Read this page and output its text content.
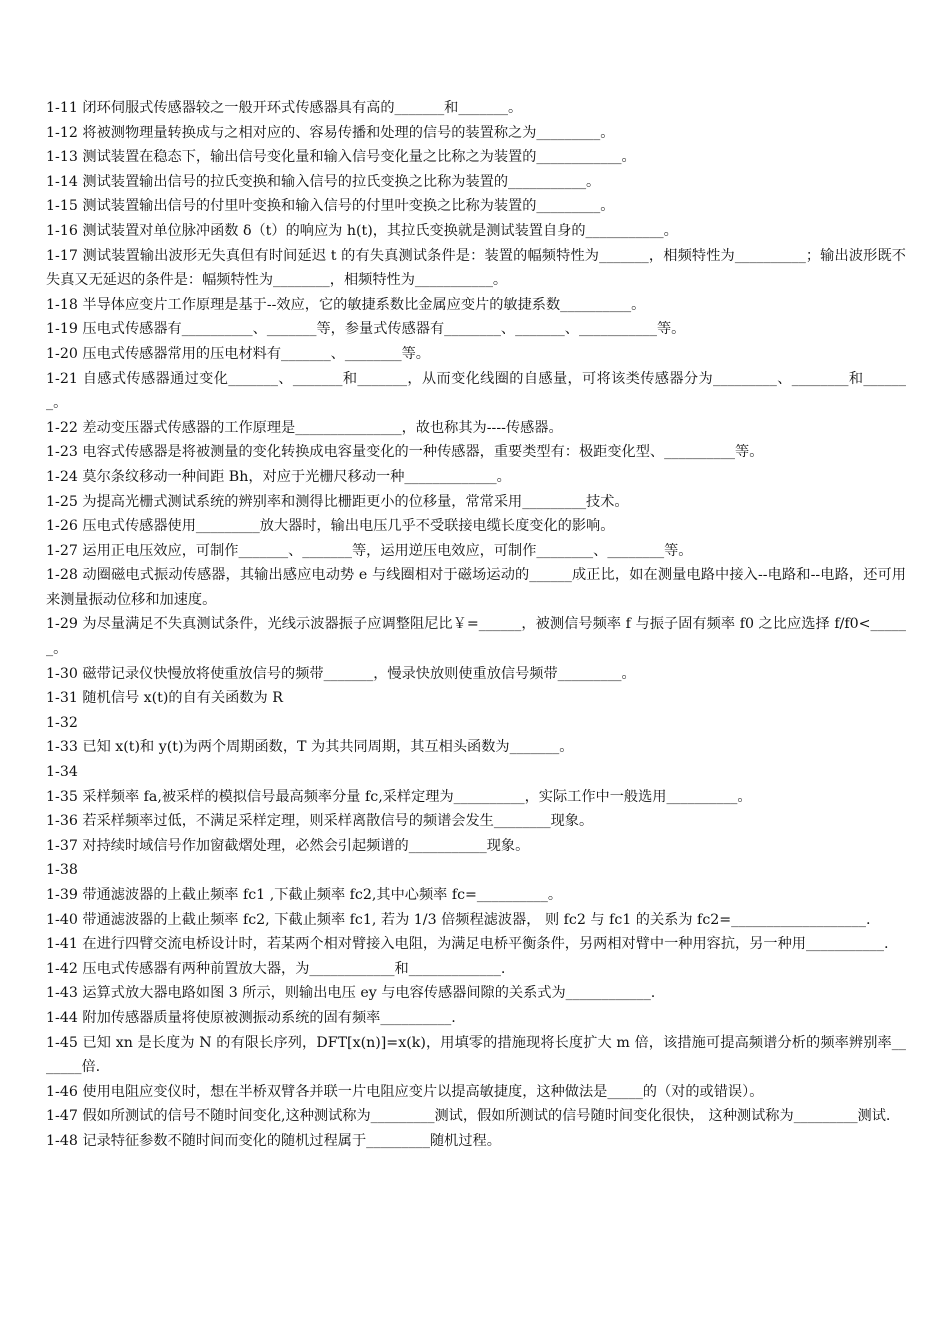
1-11 闭环伺服式传感器较之一般开环式传感器具有高的_______和_______。

1-12 将被测物理量转换成与之相对应的、容易传播和处理的信号的装置称之为_________。

1-13 测试装置在稳态下，输出信号变化量和输入信号变化量之比称之为装置的____________。

1-14 测试装置输出信号的拉氏变换和输入信号的拉氏变换之比称为装置的___________。

1-15 测试装置输出信号的付里叶变换和输入信号的付里叶变换之比称为装置的_________。

1-16 测试装置对单位脉冲函数 δ（t）的响应为 h(t)，其拉氏变换就是测试装置自身的___________。

1-17 测试装置输出波形无失真但有时间延迟 t 的有失真测试条件是：装置的幅频特性为_______，相频特性为__________；输出波形既不失真又无延迟的条件是：幅频特性为________，相频特性为___________。

1-18 半导体应变片工作原理是基于--效应，它的敏捷系数比金属应变片的敏捷系数__________。

1-19 压电式传感器有__________、_______等，参量式传感器有________、_______、___________等。

1-20 压电式传感器常用的压电材料有_______、________等。

1-21 自感式传感器通过变化_______、_______和_______，从而变化线圈的自感量，可将该类传感器分为_________、________和_______。

1-22 差动变压器式传感器的工作原理是_______________，故也称其为----传感器。

1-23 电容式传感器是将被测量的变化转换成电容量变化的一种传感器，重要类型有：极距变化型、__________等。

1-24 莫尔条纹移动一种间距 Bh，对应于光栅尺移动一种_____________。

1-25 为提高光栅式测试系统的辨别率和测得比栅距更小的位移量，常常采用_________技术。

1-26 压电式传感器使用_________放大器时，输出电压几乎不受联接电缆长度变化的影响。

1-27 运用正电压效应，可制作_______、_______等，运用逆压电效应，可制作________、________等。

1-28 动圈磁电式振动传感器，其输出感应电动势 e 与线圈相对于磁场运动的______成正比，如在测量电路中接入--电路和--电路，还可用来测量振动位移和加速度。

1-29 为尽量满足不失真测试条件，光线示波器振子应调整阻尼比￥=______，被测信号频率 f 与振子固有频率 f0 之比应选择 f/f0<______。

1-30 磁带记录仪快慢放将使重放信号的频带_______，慢录快放则使重放信号频带_________。

1-31 随机信号 x(t)的自有关函数为 R

1-32

1-33 已知 x(t)和 y(t)为两个周期函数，T 为其共同周期，其互相头函数为_______。

1-34

1-35 采样频率 fa,被采样的模拟信号最高频率分量 fc,采样定理为__________，实际工作中一般选用__________。

1-36 若采样频率过低，不满足采样定理，则采样离散信号的频谱会发生________现象。

1-37 对持续时域信号作加窗截熠处理，必然会引起频谱的___________现象。

1-38

1-39 带通滤波器的上截止频率 fc1 ,下截止频率 fc2,其中心频率 fc=__________。

1-40 带通滤波器的上截止频率 fc2, 下截止频率 fc1, 若为 1/3 倍频程滤波器， 则 fc2 与 fc1 的关系为 fc2=___________________.

1-41 在进行四臂交流电桥设计时，若某两个相对臂接入电阻，为满足电桥平衡条件，另两相对臂中一种用容抗，另一种用___________.

1-42 压电式传感器有两种前置放大器，为____________和_____________.

1-43 运算式放大器电路如图 3 所示，则输出电压 ey 与电容传感器间隙的关系式为____________.

1-44 附加传感器质量将使原被测振动系统的固有频率__________.

1-45 已知 xn 是长度为 N 的有限长序列，DFT[x(n)]=x(k)，用填零的措施现将长度扩大 m 倍，该措施可提高频谱分析的频率辨别率_______倍.

1-46 使用电阻应变仪时，想在半桥双臂各并联一片电阻应变片以提高敏捷度，这种做法是_____的（对的或错误）。

1-47 假如所测试的信号不随时间变化,这种测试称为_________测试，假如所测试的信号随时间变化很快， 这种测试称为_________测试.

1-48 记录特征参数不随时间而变化的随机过程属于_________随机过程。
